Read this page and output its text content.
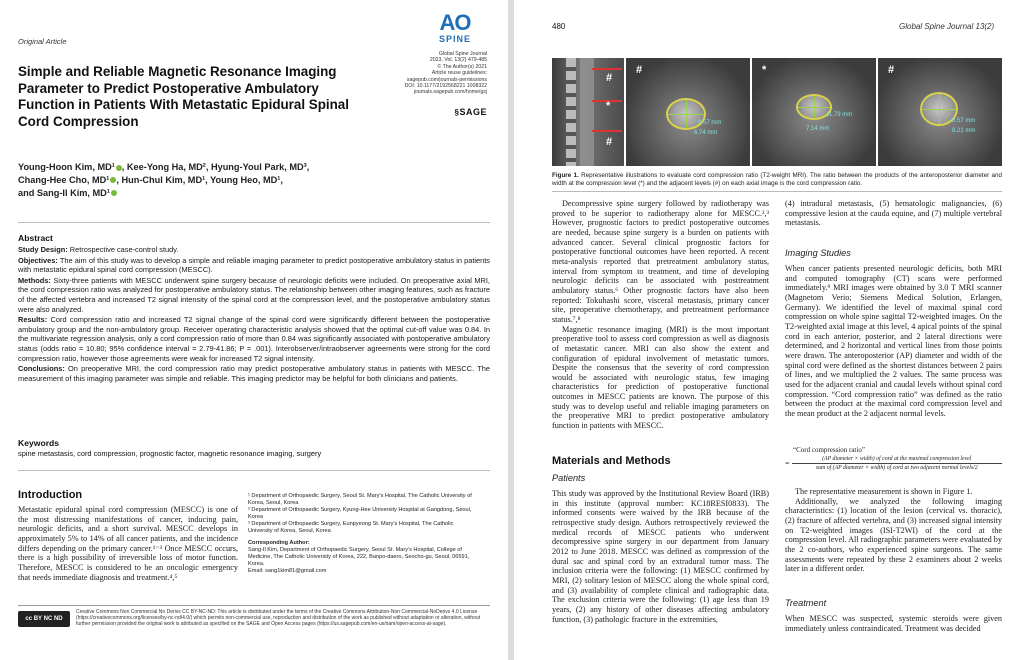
Original Article
AO
SPINE
Global Spine Journal
2023, Vol. 13(2) 479-485
© The Author(s) 2021
Article reuse guidelines:
sagepub.com/journals-permissions
DOI: 10.1177/2192568221 1008322
journals.sagepub.com/home/gsj
§SAGE
Simple and Reliable Magnetic Resonance Imaging Parameter to Predict Postoperative Ambulatory Function in Patients With Metastatic Epidural Spinal Cord Compression
Young-Hoon Kim, MD¹ , Kee-Yong Ha, MD², Hyung-Youl Park, MD³,
Chang-Hee Cho, MD¹ , Hun-Chul Kim, MD¹, Young Heo, MD¹,
and Sang-Il Kim, MD¹
Abstract

Study Design: Retrospective case-control study.

Objectives: The aim of this study was to develop a simple and reliable imaging parameter to predict postoperative ambulatory status in patients with metastatic epidural spinal cord compression (MESCC).

Methods: Sixty-three patients with MESCC underwent spine surgery because of neurologic deficits were included. On preoperative axial MRI, the cord compression ratio was analyzed for postoperative ambulatory status. The relationship between other imaging features, such as fracture of the affected vertebra and increased T2 signal intensity of the spinal cord at the compression level, and the postoperative ambulatory status were also analyzed.

Results: Cord compression ratio and increased T2 signal change of the spinal cord were significantly different between the postoperative ambulatory group and the non-ambulatory group. Receiver operating characteristic analysis showed that the optimal cut-off value was 0.84. In the multivariate regression analysis, only a cord compression ratio of more than 0.84 was significantly associated with postoperative ambulatory status (odds ratio = 10.80; 95% confidence interval = 2.79-41.86; P = .001). Interobserver/intraobserver agreements were strong for the cord compression ratio, however those agreements were weak for increased T2 signal intensity.

Conclusions: On preoperative MRI, the cord compression ratio may predict postoperative ambulatory status in patients with MESCC. The measurement of this imaging parameter was simple and reliable. This imaging predictor may be helpful for both clinicians and patients.

Keywords
spine metastasis, cord compression, prognostic factor, magnetic resonance imaging, surgery
Introduction
Metastatic epidural spinal cord compression (MESCC) is one of the most distressing manifestations of cancer, inducing pain, neurologic deficits, and a short survival. MESCC develops in approximately 5% to 14% of all cancer patients, and the incidence differs depending on the primary cancer.¹⁻³ Once MESCC occurs, there is a high possibility of irreversible loss of motor function. Therefore, MESCC is considered to be an oncologic emergency that needs immediate diagnosis and treatment.⁴,⁵
¹ Department of Orthopaedic Surgery, Seoul St. Mary's Hospital, The Catholic University of Korea, Seoul, Korea
² Department of Orthopaedic Surgery, Kyung-Hee University Hospital at Gangdong, Seoul, Korea
³ Department of Orthopaedic Surgery, Eunpyeong St. Mary's Hospital, The Catholic University of Korea, Seoul, Korea
Corresponding Author:
Sang-Il Kim, Department of Orthopaedic Surgery, Seoul St. Mary's Hospital, College of Medicine, The Catholic University of Korea, 222, Banpo-daero, Seocho-gu, Seoul, 06591, Korea.
Email: sang1kim81@gmail.com
cc BY NC ND
Creative Commons Non Commercial No Derivs CC BY-NC-ND: This article is distributed under the terms of the Creative Commons Attribution-Non Commercial-NoDerivs 4.0 License (https://creativecommons.org/licenses/by-nc-nd/4.0/) which permits non-commercial use, reproduction and distribution of the work as published without adaptation or alteration, without further permission provided the original work is attributed as specified on the SAGE and Open Access pages (https://us.sagepub.com/en-us/nam/open-access-at-sage).
480	Global Spine Journal 13(2)
#
*
#
#
8.57 mm
6.74 mm
*
11.79 mm
7.14 mm
#
8.57 mm
8.21 mm
Figure 1. Representative illustrations to evaluate cord compression ratio (T2-weight MRI). The ratio between the products of the anteroposterior diameter and width at the compression level (*) and the adjacent levels (#) on each axial image is the cord compression ratio.

Decompressive spine surgery followed by radiotherapy was proved to be superior to radiotherapy alone for MESCC.²,³ However, prognostic factors to predict postoperative outcomes are needed, because spine surgery is a burden on patients with advanced cancer. Several clinical prognostic factors for postoperative functional outcomes have been reported. A recent meta-analysis reported that pretreatment ambulatory status, interval from symptom to treatment, and time of developing neurologic deficits can be associated with posttreatment ambulatory status.⁶ Other prognostic factors have also been reported: Tokuhashi score, visceral metastasis, primary cancer site, preoperative chemotherapy, and pretreatment performance status.⁷,⁸

Magnetic resonance imaging (MRI) is the most important preoperative tool to assess cord compression as well as diagnosis of metastatic cancer. MRI can also show the extent and configuration of epidural involvement of metastatic tumors. Despite the consensus that the severity of cord compression would be associated with neurologic status, few imaging characteristics for prediction of postoperative functional outcomes in MESCC patients are known. The purpose of this study was to develop useful and reliable imaging parameters on the preoperative MRI to predict postoperative ambulatory function in patients with MESCC.

Materials and Methods
Patients
This study was approved by the Institutional Review Board (IRB) in this institute (approval number: KC18RESI0833). The informed consents were waived by the IRB because of the retrospective study design. Authors retrospectively reviewed the medical records of MESCC patients who underwent decompressive spine surgery in our department from January 2012 to June 2018. MESCC was defined as compression of the dural sac and spinal cord by an extradural tumor mass. The inclusion criteria were the following: (1) MESCC confirmed by MRI, (2) solitary lesion of MESCC along the whole spinal cord, and (3) availability of complete clinical and radiographic data. The exclusion criteria were the following: (1) age less than 19 years, (2) any history of other diseases affecting ambulatory function, (3) pathologic fracture in the extremities,
(4) intradural metastasis, (5) hematologic malignancies, (6) compressive lesion at the cauda equine, and (7) multiple vertebral metastasis.
Imaging Studies
When cancer patients presented neurologic deficits, both MRI and computed tomography (CT) scans were performed immediately.⁹ MRI images were obtained by 3.0 T MRI scanner (Magnetom Verio; Siemens Medical Solution, Erlangen, Germany). We identified the level of maximal spinal cord compression on whole spine sagittal T2-weighted images. On the T2-weighted axial image at this level, 4 apical points of the spinal cord in each anterior, posterior, and 2 lateral directions were determined, and 2 horizontal and vertical lines from those points were drawn. The anteroposterior (AP) diameter and width of the spinal cord were defined as the shortest distances between 2 pairs of lines, and we multiplied the 2 values. The same process was used for the adjacent cranial and caudal levels without spinal cord compression. “Cord compression ratio” was defined as the ratio between the product at the maximal cord compression level and the mean product at the 2 adjacent normal levels.
“Cord compression ratio”
=	(AP diameter × width) of cord at the maximal compression level
sum of (AP diameter × width) of cord at two adjacent normal levels/2

The representative measurement is shown in Figure 1.

Additionally, we analyzed the following imaging characteristics: (1) location of the lesion (cervical vs. thoracic), (2) fracture of affected vertebra, and (3) increased signal intensity on T2-weighted images (ISI-T2WI) of the cord at the compression level. All radiographic parameters were evaluated by the 2 co-authors, who experienced spine surgeons. The same assessments were repeated by these 2 examiners about 2 weeks later in a different order.

Treatment
When MESCC was suspected, systemic steroids were given immediately unless contraindicated. Treatment was decided
